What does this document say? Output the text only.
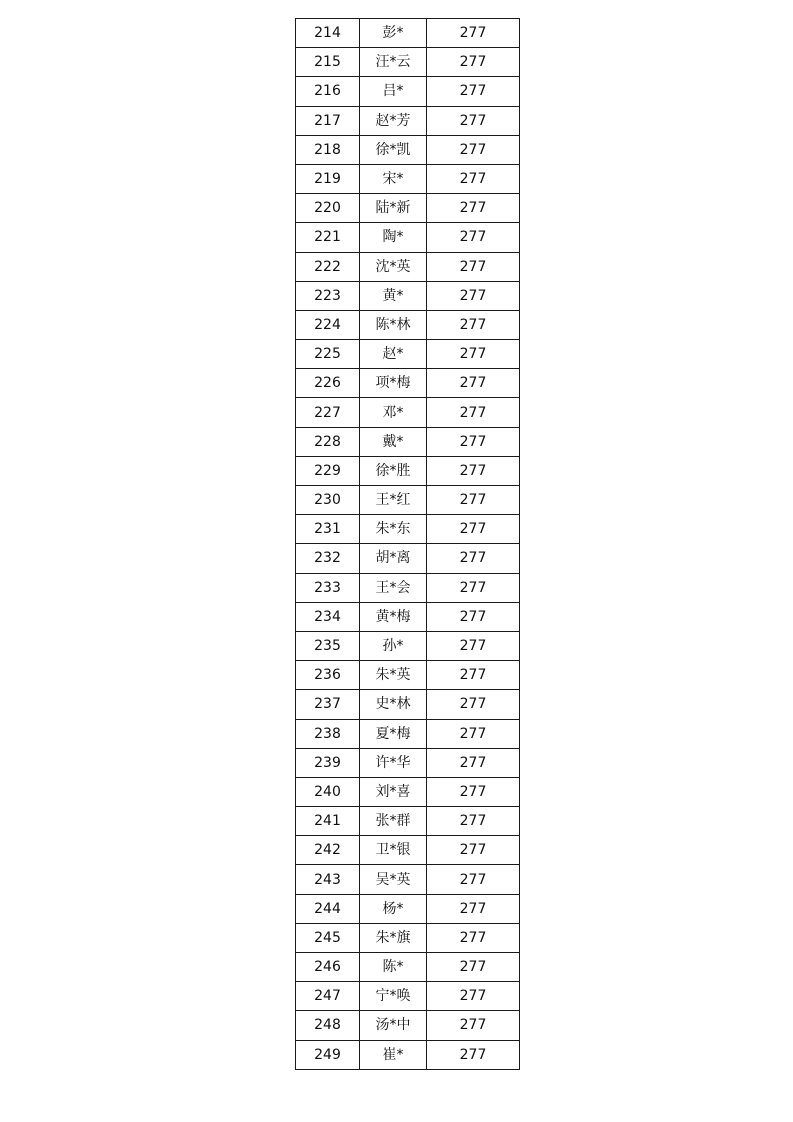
214	彭*	277
215	汪*云	277
216	吕*	277
217	赵*芳	277
218	徐*凯	277
219	宋*	277
220	陆*新	277
221	陶*	277
222	沈*英	277
223	黄*	277
224	陈*林	277
225	赵*	277
226	项*梅	277
227	邓*	277
228	戴*	277
229	徐*胜	277
230	王*红	277
231	朱*东	277
232	胡*离	277
233	王*会	277
234	黄*梅	277
235	孙*	277
236	朱*英	277
237	史*林	277
238	夏*梅	277
239	许*华	277
240	刘*喜	277
241	张*群	277
242	卫*银	277
243	吴*英	277
244	杨*	277
245	朱*旗	277
246	陈*	277
247	宁*唤	277
248	汤*中	277
249	崔*	277
